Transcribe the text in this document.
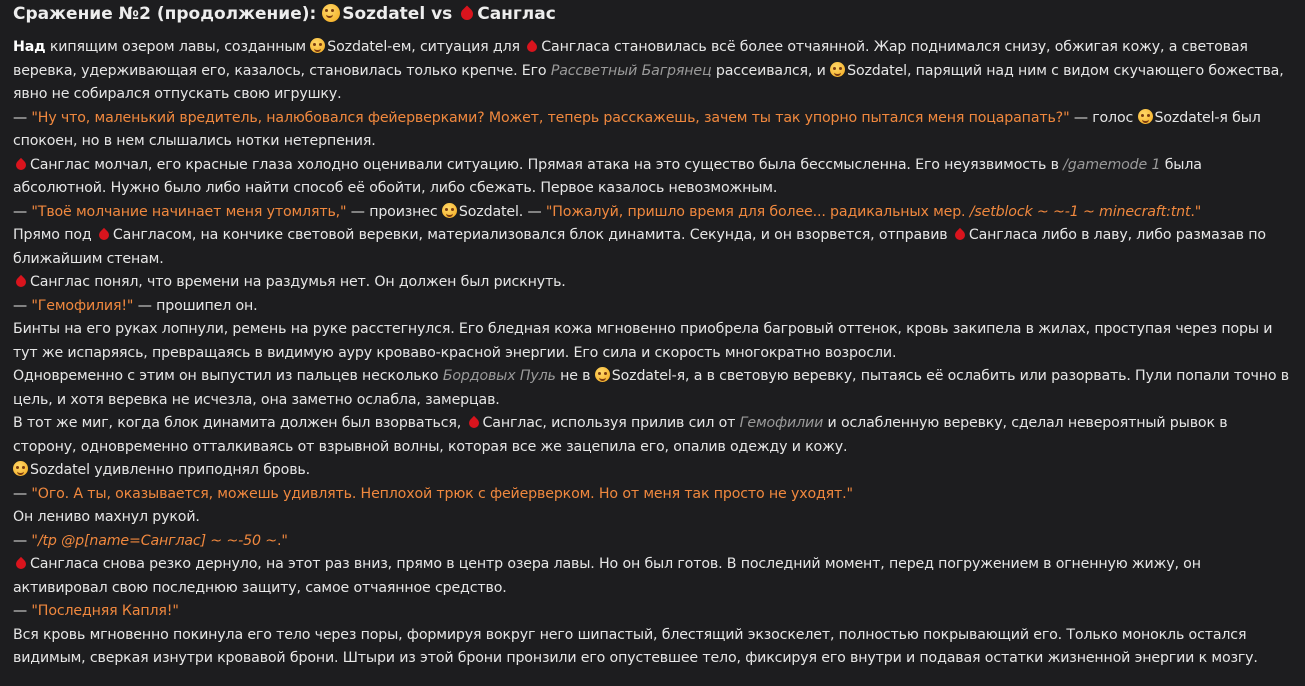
Сражение №2 (продолжение): Sozdatel vs Санглас

Над кипящим озером лавы, созданным Sozdatel-ем, ситуация для Сангласа становилась всё более отчаянной. Жар поднимался снизу, обжигая кожу, а световая веревка, удерживающая его, казалось, становилась только крепче. Его Рассветный Багрянец рассеивался, и Sozdatel, парящий над ним с видом скучающего божества, явно не собирался отпускать свою игрушку.

— "Ну что, маленький вредитель, налюбовался фейерверками? Может, теперь расскажешь, зачем ты так упорно пытался меня поцарапать?" — голос Sozdatel-я был спокоен, но в нем слышались нотки нетерпения.

Санглас молчал, его красные глаза холодно оценивали ситуацию. Прямая атака на это существо была бессмысленна. Его неуязвимость в /gamemode 1 была абсолютной. Нужно было либо найти способ её обойти, либо сбежать. Первое казалось невозможным.

— "Твоё молчание начинает меня утомлять," — произнес Sozdatel. — "Пожалуй, пришло время для более... радикальных мер. /setblock ~ ~-1 ~ minecraft:tnt."

Прямо под Сангласом, на кончике световой веревки, материализовался блок динамита. Секунда, и он взорвется, отправив Сангласа либо в лаву, либо размазав по ближайшим стенам.

Санглас понял, что времени на раздумья нет. Он должен был рискнуть.

— "Гемофилия!" — прошипел он.

Бинты на его руках лопнули, ремень на руке расстегнулся. Его бледная кожа мгновенно приобрела багровый оттенок, кровь закипела в жилах, проступая через поры и тут же испаряясь, превращаясь в видимую ауру кроваво-красной энергии. Его сила и скорость многократно возросли.

Одновременно с этим он выпустил из пальцев несколько Бордовых Пуль не в Sozdatel-я, а в световую веревку, пытаясь её ослабить или разорвать. Пули попали точно в цель, и хотя веревка не исчезла, она заметно ослабла, замерцав.

В тот же миг, когда блок динамита должен был взорваться, Санглас, используя прилив сил от Гемофилии и ослабленную веревку, сделал невероятный рывок в сторону, одновременно отталкиваясь от взрывной волны, которая все же зацепила его, опалив одежду и кожу.

Sozdatel удивленно приподнял бровь.

— "Ого. А ты, оказывается, можешь удивлять. Неплохой трюк с фейерверком. Но от меня так просто не уходят."

Он лениво махнул рукой.

— "/tp @p[name=Санглас] ~ ~-50 ~."

Сангласа снова резко дернуло, на этот раз вниз, прямо в центр озера лавы. Но он был готов. В последний момент, перед погружением в огненную жижу, он активировал свою последнюю защиту, самое отчаянное средство.

— "Последняя Капля!"

Вся кровь мгновенно покинула его тело через поры, формируя вокруг него шипастый, блестящий экзоскелет, полностью покрывающий его. Только монокль остался видимым, сверкая изнутри кровавой брони. Штыри из этой брони пронзили его опустевшее тело, фиксируя его внутри и подавая остатки жизненной энергии к мозгу.
